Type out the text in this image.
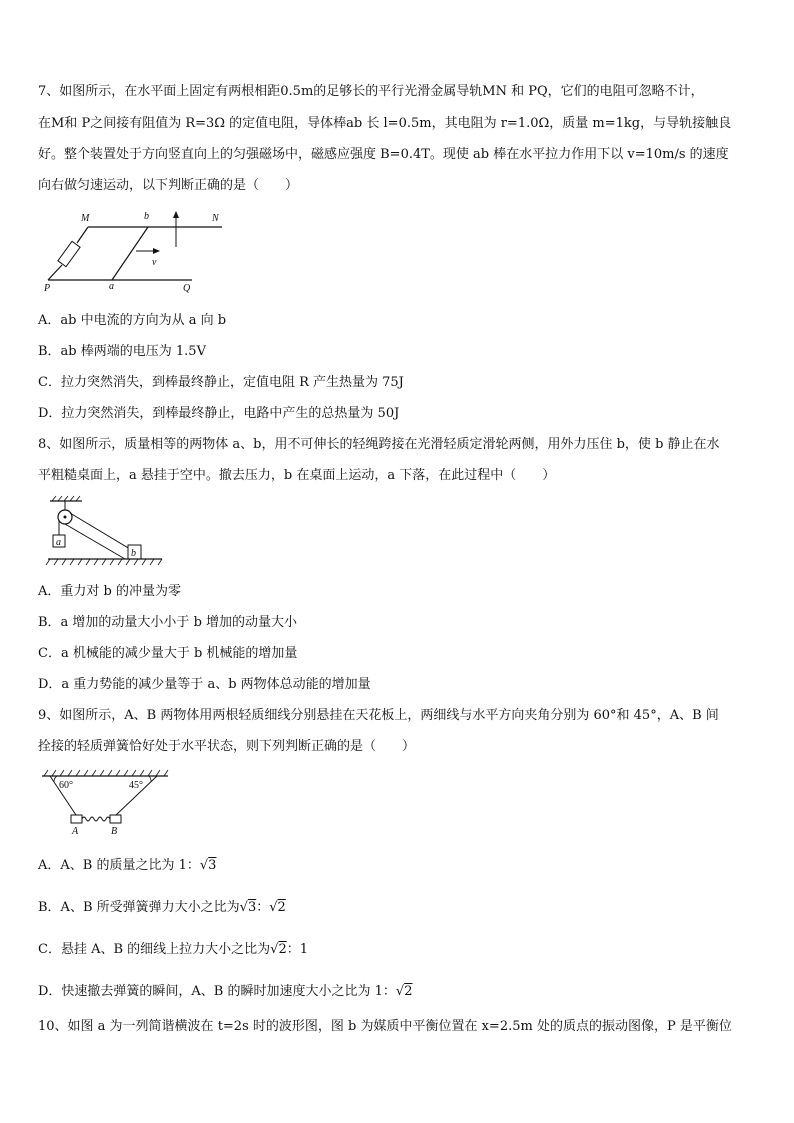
7、如图所示，在水平面上固定有两根相距0.5m的足够长的平行光滑金属导轨MN 和 PQ，它们的电阻可忽略不计，
在M和 P之间接有阻值为 R=3Ω 的定值电阻，导体棒ab 长 l=0.5m，其电阻为 r=1.0Ω，质量 m=1kg，与导轨接触良
好。整个装置处于方向竖直向上的匀强磁场中，磁感应强度 B=0.4T。现使 ab 棒在水平拉力作用下以 v=10m/s 的速度
向右做匀速运动，以下判断正确的是（　　）
M	b	N
v
P	a	Q
A．ab 中电流的方向为从 a 向 b
B．ab 棒两端的电压为 1.5V
C．拉力突然消失，到棒最终静止，定值电阻 R 产生热量为 75J
D．拉力突然消失，到棒最终静止，电路中产生的总热量为 50J
8、如图所示，质量相等的两物体 a、b，用不可伸长的轻绳跨接在光滑轻质定滑轮两侧，用外力压住 b，使 b 静止在水
平粗糙桌面上，a 悬挂于空中。撤去压力，b 在桌面上运动，a 下落，在此过程中（　　）
a
b
A．重力对 b 的冲量为零
B．a 增加的动量大小小于 b 增加的动量大小
C．a 机械能的减少量大于 b 机械能的增加量
D．a 重力势能的减少量等于 a、b 两物体总动能的增加量
9、如图所示，A、B 两物体用两根轻质细线分别悬挂在天花板上，两细线与水平方向夹角分别为 60°和 45°，A、B 间
拴接的轻质弹簧恰好处于水平状态，则下列判断正确的是（　　）
60°	45°
A	B
A．A、B 的质量之比为 1：√3
B．A、B 所受弹簧弹力大小之比为√3：√2
C．悬挂 A、B 的细线上拉力大小之比为√2：1
D．快速撤去弹簧的瞬间，A、B 的瞬时加速度大小之比为 1：√2
10、如图 a 为一列简谐横波在 t=2s 时的波形图，图 b 为媒质中平衡位置在 x=2.5m 处的质点的振动图像，P 是平衡位
